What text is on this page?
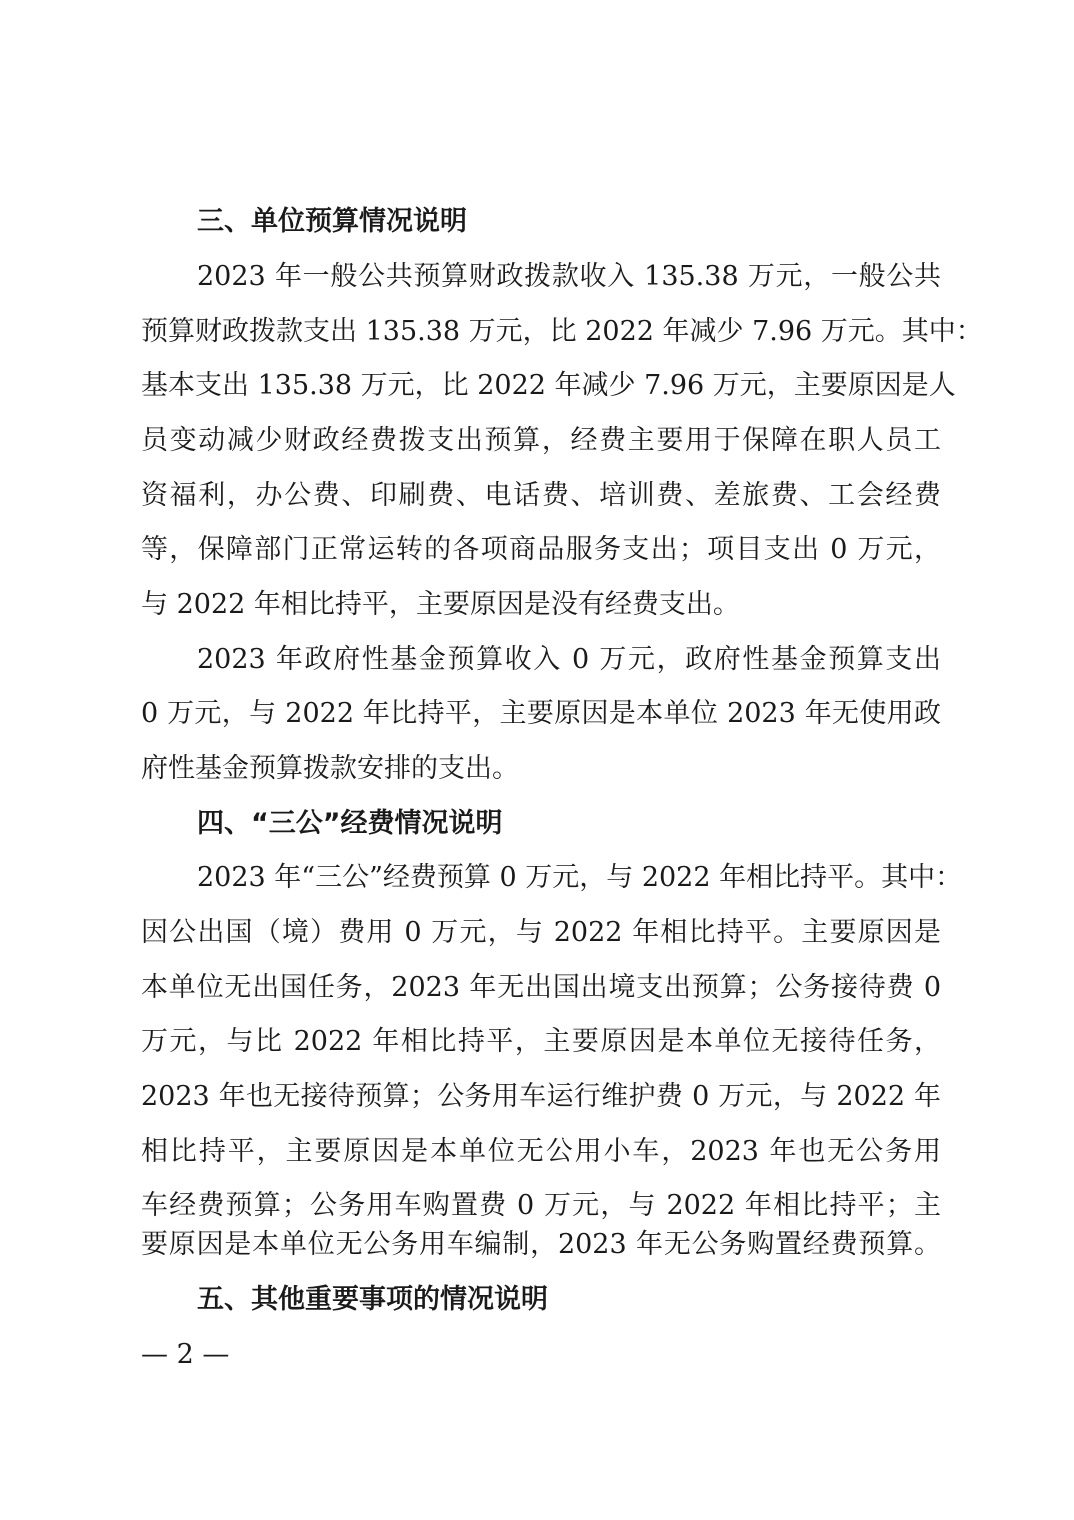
三、单位预算情况说明
2023 年一般公共预算财政拨款收入 135.38 万元，一般公共
预算财政拨款支出 135.38 万元，比 2022 年减少 7.96 万元。其中：
基本支出 135.38 万元，比 2022 年减少 7.96 万元，主要原因是人
员变动减少财政经费拨支出预算，经费主要用于保障在职人员工
资福利，办公费、印刷费、电话费、培训费、差旅费、工会经费
等，保障部门正常运转的各项商品服务支出；项目支出 0 万元，
与 2022 年相比持平，主要原因是没有经费支出。
2023 年政府性基金预算收入 0 万元，政府性基金预算支出
0 万元，与 2022 年比持平，主要原因是本单位 2023 年无使用政
府性基金预算拨款安排的支出。
四、“三公”经费情况说明
2023 年“三公”经费预算 0 万元，与 2022 年相比持平。其中：
因公出国（境）费用 0 万元，与 2022 年相比持平。主要原因是
本单位无出国任务，2023 年无出国出境支出预算；公务接待费 0
万元，与比 2022 年相比持平，主要原因是本单位无接待任务，
2023 年也无接待预算；公务用车运行维护费 0 万元，与 2022 年
相比持平，主要原因是本单位无公用小车，2023 年也无公务用
车经费预算；公务用车购置费 0 万元，与 2022 年相比持平；主
要原因是本单位无公务用车编制，2023 年无公务购置经费预算。
五、其他重要事项的情况说明
— 2 —
